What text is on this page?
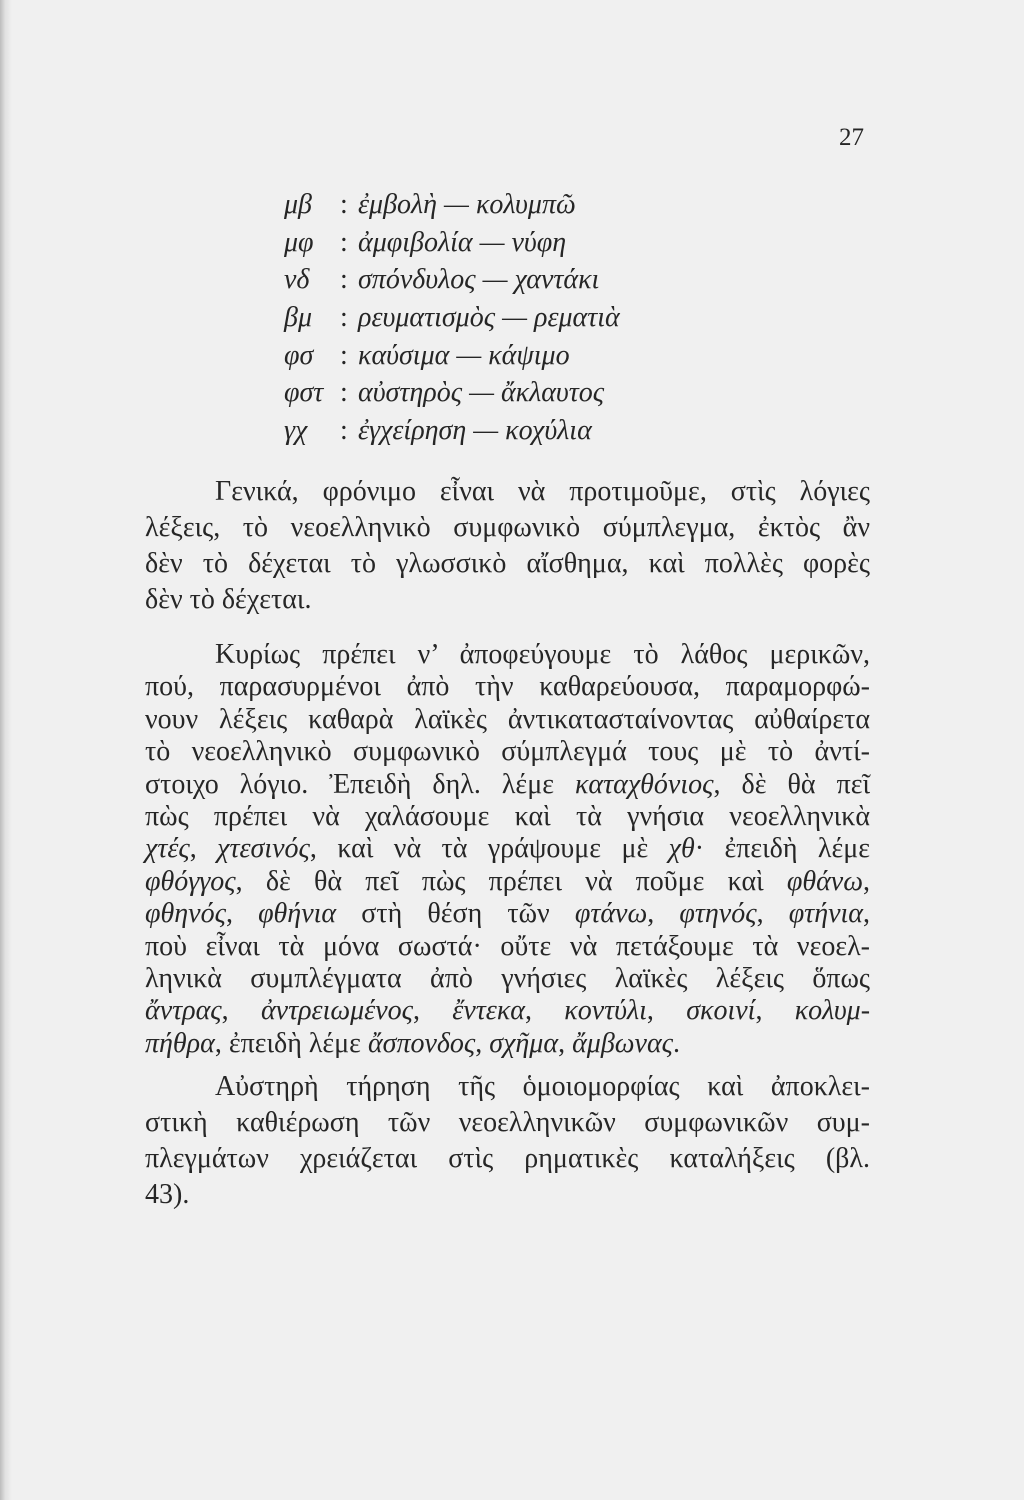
27
μβ : ἐμβολὴ — κολυμπῶ
μφ : ἀμφιβολία — νύφη
νδ : σπόνδυλος — χαντάκι
βμ : ρευματισμὸς — ρεματιὰ
φσ : καύσιμα — κάψιμο
φστ : αὐστηρὸς — ἄκλαυτος
γχ : ἐγχείρηση — κοχύλια
Γενικά, φρόνιμο εἶναι νὰ προτιμοῦμε, στὶς λόγιες
λέξεις, τὸ νεοελληνικὸ συμφωνικὸ σύμπλεγμα, ἐκτὸς ἂν
δὲν τὸ δέχεται τὸ γλωσσικὸ αἴσθημα, καὶ πολλὲς φορὲς
δὲν τὸ δέχεται.
Κυρίως πρέπει ν’ ἀποφεύγουμε τὸ λάθος μερικῶν,
πού, παρασυρμένοι ἀπὸ τὴν καθαρεύουσα, παραμορφώ-
νουν λέξεις καθαρὰ λαϊκὲς ἀντικατασταίνοντας αὐθαίρετα
τὸ νεοελληνικὸ συμφωνικὸ σύμπλεγμά τους μὲ τὸ ἀντί-
στοιχο λόγιο. Ἐπειδὴ δηλ. λέμε καταχθόνιος, δὲ θὰ πεῖ
πὼς πρέπει νὰ χαλάσουμε καὶ τὰ γνήσια νεοελληνικὰ
χτές, χτεσινός, καὶ νὰ τὰ γράψουμε μὲ χθ· ἐπειδὴ λέμε
φθόγγος, δὲ θὰ πεῖ πὼς πρέπει νὰ ποῦμε καὶ φθάνω,
φθηνός, φθήνια στὴ θέση τῶν φτάνω, φτηνός, φτήνια,
ποὺ εἶναι τὰ μόνα σωστά· οὔτε νὰ πετάξουμε τὰ νεοελ-
ληνικὰ συμπλέγματα ἀπὸ γνήσιες λαϊκὲς λέξεις ὅπως
ἄντρας, ἀντρειωμένος, ἔντεκα, κοντύλι, σκοινί, κολυμ-
πήθρα, ἐπειδὴ λέμε ἄσπονδος, σχῆμα, ἄμβωνας.
Αὐστηρὴ τήρηση τῆς ὁμοιομορφίας καὶ ἀποκλει-
στικὴ καθιέρωση τῶν νεοελληνικῶν συμφωνικῶν συμ-
πλεγμάτων χρειάζεται στὶς ρηματικὲς καταλήξεις (βλ.
43).
